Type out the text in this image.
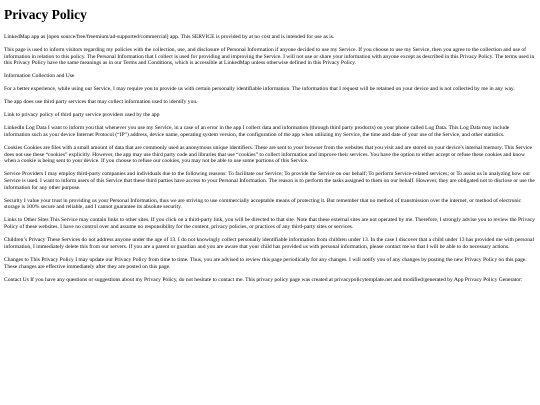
Privacy Policy

LinkedMap app as [open source/free/freemium/ad-supported/commercial] app. This SERVICE is provided by at no cost and is intended for use as is.

This page is used to inform visitors regarding my policies with the collection, use, and disclosure of Personal Information if anyone decided to use my Service. If you choose to use my Service, then you agree to the collection and use of information in relation to this policy. The Personal Information that I collect is used for providing and improving the Service. I will not use or share your information with anyone except as described in this Privacy Policy. The terms used in this Privacy Policy have the same meanings as in our Terms and Conditions, which is accessible at LinkedMap unless otherwise defined in this Privacy Policy.

Information Collection and Use

For a better experience, while using our Service, I may require you to provide us with certain personally identifiable information. The information that I request will be retained on your device and is not collected by me in any way.

The app does use third party services that may collect information used to identify you.

Link to privacy policy of third party service providers used by the app

LinkedIn Log Data I want to inform you that whenever you use my Service, in a case of an error in the app I collect data and information (through third party products) on your phone called Log Data. This Log Data may include information such as your device Internet Protocol (“IP”) address, device name, operating system version, the configuration of the app when utilizing my Service, the time and date of your use of the Service, and other statistics.

Cookies Cookies are files with a small amount of data that are commonly used as anonymous unique identifiers. These are sent to your browser from the websites that you visit and are stored on your device's internal memory. This Service does not use these “cookies” explicitly. However, the app may use third party code and libraries that use “cookies” to collect information and improve their services. You have the option to either accept or refuse these cookies and know when a cookie is being sent to your device. If you choose to refuse our cookies, you may not be able to use some portions of this Service.

Service Providers I may employ third-party companies and individuals due to the following reasons: To facilitate our Service; To provide the Service on our behalf; To perform Service-related services; or To assist us in analyzing how our Service is used. I want to inform users of this Service that these third parties have access to your Personal Information. The reason is to perform the tasks assigned to them on our behalf. However, they are obligated not to disclose or use the information for any other purpose.

Security I value your trust in providing us your Personal Information, thus we are striving to use commercially acceptable means of protecting it. But remember that no method of transmission over the internet, or method of electronic storage is 100% secure and reliable, and I cannot guarantee its absolute security.

Links to Other Sites This Service may contain links to other sites. If you click on a third-party link, you will be directed to that site. Note that these external sites are not operated by me. Therefore, I strongly advise you to review the Privacy Policy of these websites. I have no control over and assume no responsibility for the content, privacy policies, or practices of any third-party sites or services.

Children’s Privacy These Services do not address anyone under the age of 13. I do not knowingly collect personally identifiable information from children under 13. In the case I discover that a child under 13 has provided me with personal information, I immediately delete this from our servers. If you are a parent or guardian and you are aware that your child has provided us with personal information, please contact me so that I will be able to do necessary actions.

Changes to This Privacy Policy I may update our Privacy Policy from time to time. Thus, you are advised to review this page periodically for any changes. I will notify you of any changes by posting the new Privacy Policy on this page. These changes are effective immediately after they are posted on this page.

Contact Us If you have any questions or suggestions about my Privacy Policy, do not hesitate to contact me. This privacy policy page was created at privacypolicytemplate.net and modified/generated by App Privacy Policy Generator:
